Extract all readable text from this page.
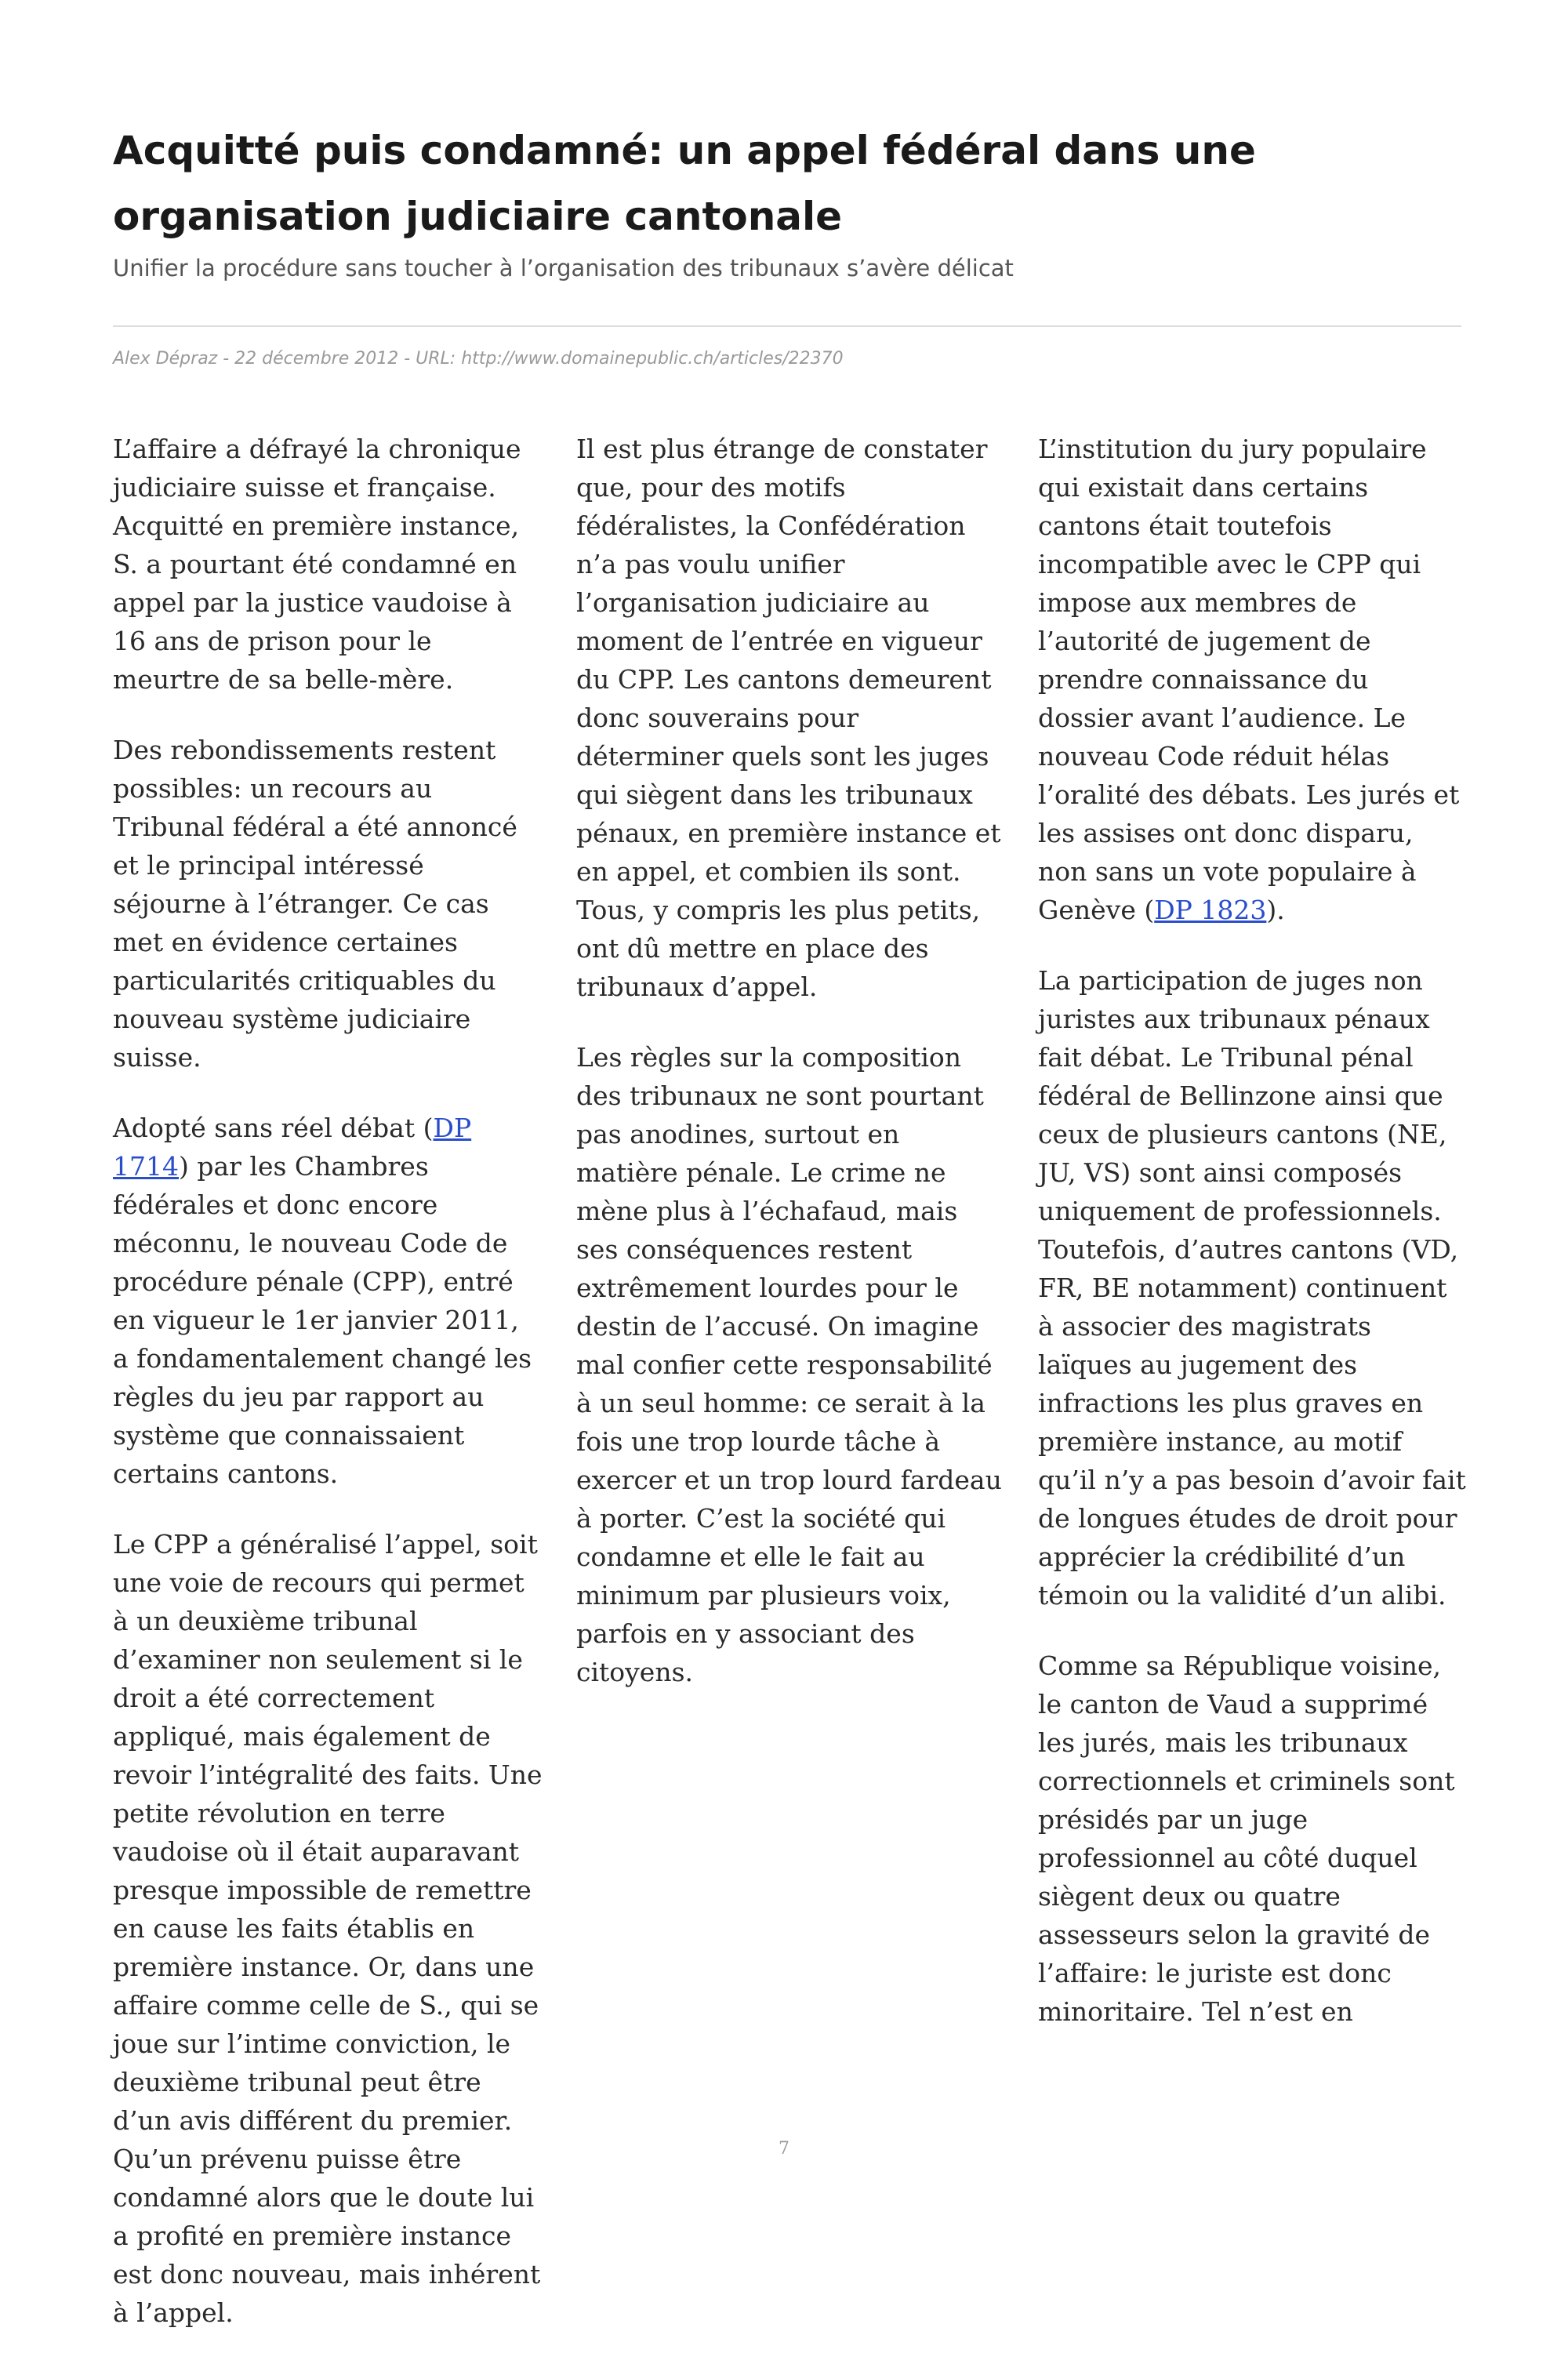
Acquitté puis condamné: un appel fédéral dans une organisation judiciaire cantonale
Unifier la procédure sans toucher à l’organisation des tribunaux s’avère délicat
Alex Dépraz - 22 décembre 2012 - URL: http://www.domainepublic.ch/articles/22370

L’affaire a défrayé la chronique judiciaire suisse et française. Acquitté en première instance, S. a pourtant été condamné en appel par la justice vaudoise à 16 ans de prison pour le meurtre de sa belle-mère.

Des rebondissements restent possibles: un recours au Tribunal fédéral a été annoncé et le principal intéressé séjourne à l’étranger. Ce cas met en évidence certaines particularités critiquables du nouveau système judiciaire suisse.

Adopté sans réel débat (DP 1714) par les Chambres fédérales et donc encore méconnu, le nouveau Code de procédure pénale (CPP), entré en vigueur le 1er janvier 2011, a fondamentalement changé les règles du jeu par rapport au système que connaissaient certains cantons.

Le CPP a généralisé l’appel, soit une voie de recours qui permet à un deuxième tribunal d’examiner non seulement si le droit a été correctement appliqué, mais également de revoir l’intégralité des faits. Une petite révolution en terre vaudoise où il était auparavant presque impossible de remettre en cause les faits établis en première instance. Or, dans une affaire comme celle de S., qui se joue sur l’intime conviction, le deuxième tribunal peut être d’un avis différent du premier. Qu’un prévenu puisse être condamné alors que le doute lui a profité en première instance est donc nouveau, mais inhérent à l’appel.

Il est plus étrange de constater que, pour des motifs fédéralistes, la Confédération n’a pas voulu unifier l’organisation judiciaire au moment de l’entrée en vigueur du CPP. Les cantons demeurent donc souverains pour déterminer quels sont les juges qui siègent dans les tribunaux pénaux, en première instance et en appel, et combien ils sont. Tous, y compris les plus petits, ont dû mettre en place des tribunaux d’appel.

Les règles sur la composition des tribunaux ne sont pourtant pas anodines, surtout en matière pénale. Le crime ne mène plus à l’échafaud, mais ses conséquences restent extrêmement lourdes pour le destin de l’accusé. On imagine mal confier cette responsabilité à un seul homme: ce serait à la fois une trop lourde tâche à exercer et un trop lourd fardeau à porter. C’est la société qui condamne et elle le fait au minimum par plusieurs voix, parfois en y associant des citoyens.

L’institution du jury populaire qui existait dans certains cantons était toutefois incompatible avec le CPP qui impose aux membres de l’autorité de jugement de prendre connaissance du dossier avant l’audience. Le nouveau Code réduit hélas l’oralité des débats. Les jurés et les assises ont donc disparu, non sans un vote populaire à Genève (DP 1823).

La participation de juges non juristes aux tribunaux pénaux fait débat. Le Tribunal pénal fédéral de Bellinzone ainsi que ceux de plusieurs cantons (NE, JU, VS) sont ainsi composés uniquement de professionnels. Toutefois, d’autres cantons (VD, FR, BE notamment) continuent à associer des magistrats laïques au jugement des infractions les plus graves en première instance, au motif qu’il n’y a pas besoin d’avoir fait de longues études de droit pour apprécier la crédibilité d’un témoin ou la validité d’un alibi.

Comme sa République voisine, le canton de Vaud a supprimé les jurés, mais les tribunaux correctionnels et criminels sont présidés par un juge professionnel au côté duquel siègent deux ou quatre assesseurs selon la gravité de l’affaire: le juriste est donc minoritaire. Tel n’est en

7
